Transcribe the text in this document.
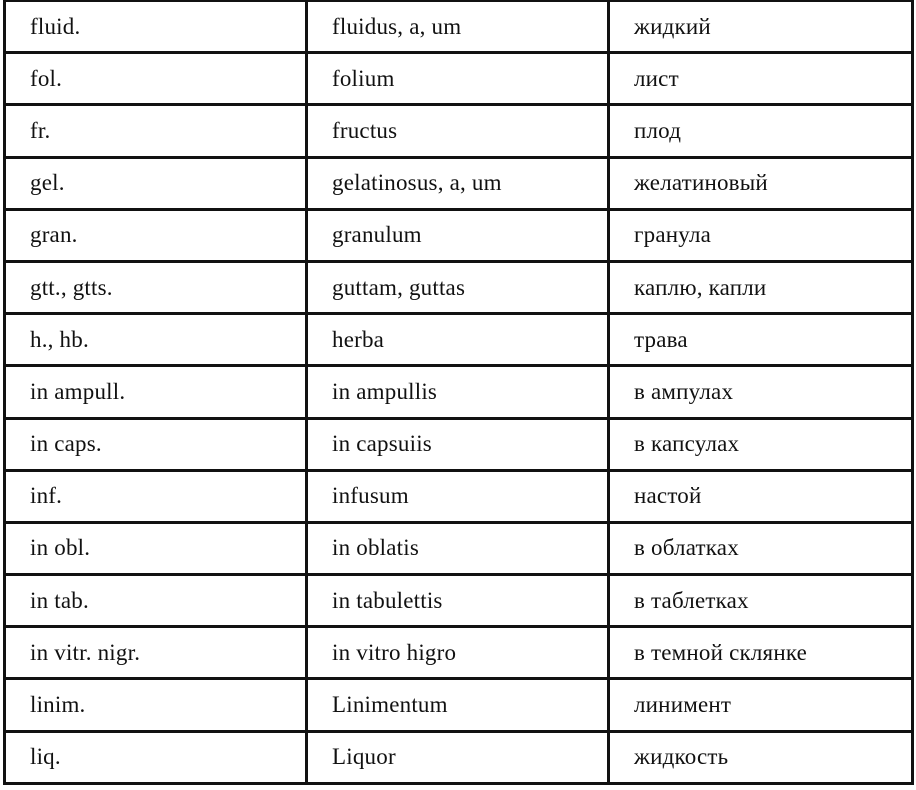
fluid.	fluidus, a, um	жидкий
fol.	folium	лист
fr.	fructus	плод
gel.	gelatinosus, a, um	желатиновый
gran.	granulum	гранула
gtt., gtts.	guttam, guttas	каплю, капли
h., hb.	herba	трава
in ampull.	in ampullis	в ампулах
in caps.	in capsuiis	в капсулах
inf.	infusum	настой
in obl.	in oblatis	в облатках
in tab.	in tabulettis	в таблетках
in vitr. nigr.	in vitro higro	в темной склянке
linim.	Linimentum	линимент
liq.	Liquor	жидкость
